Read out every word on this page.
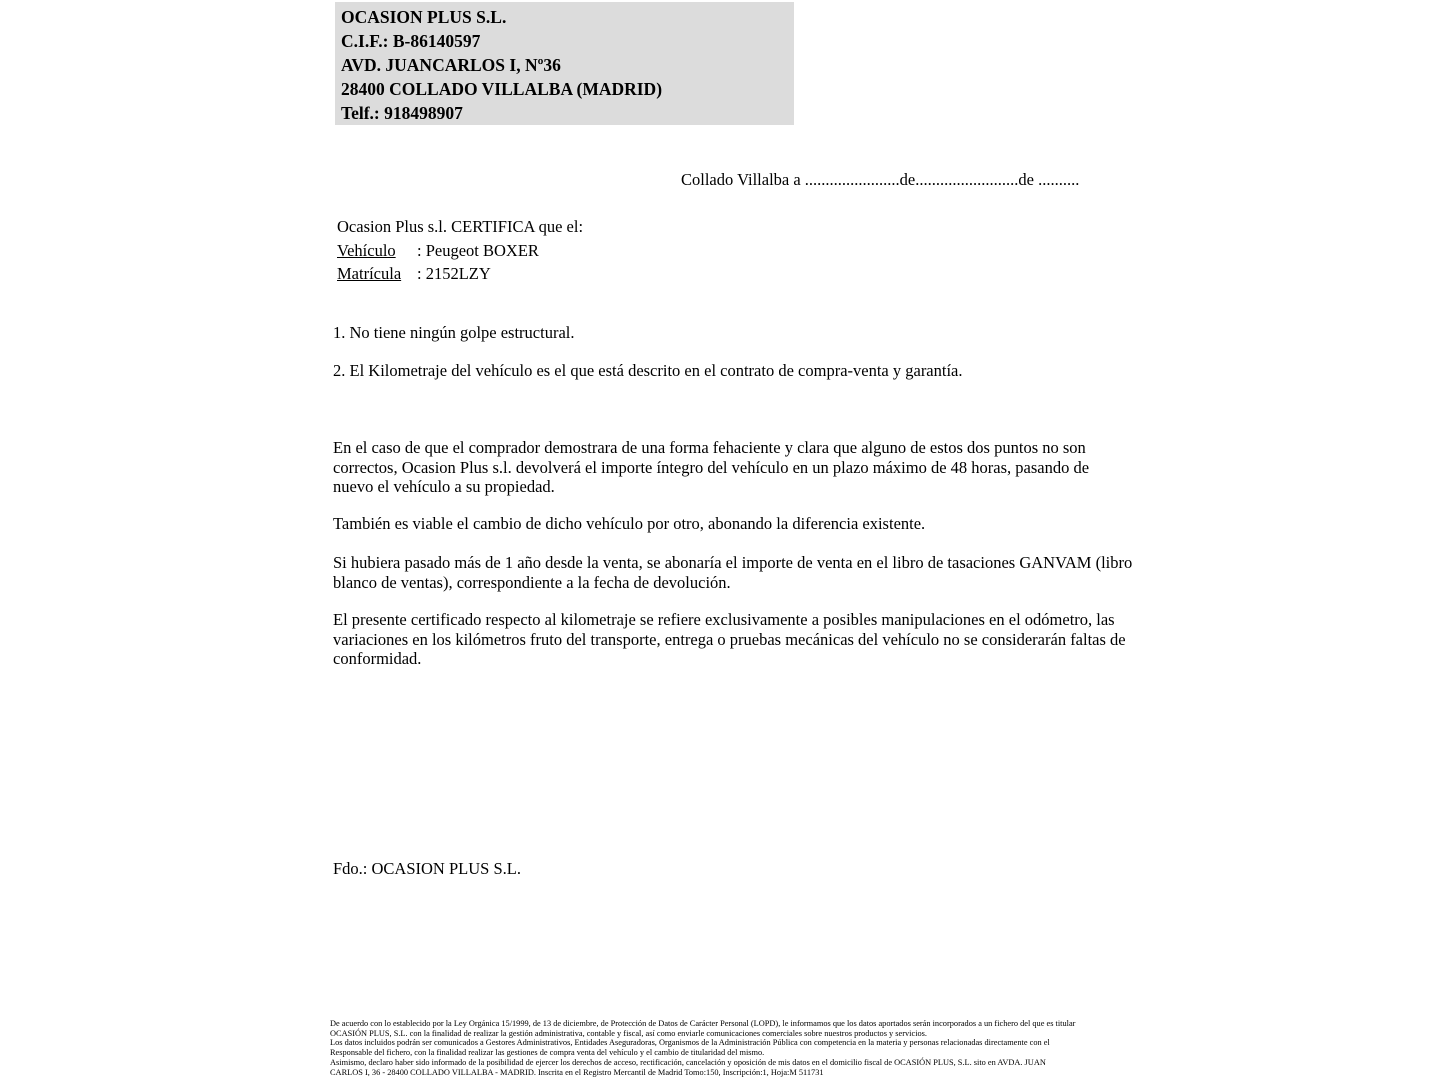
OCASION PLUS S.L.
C.I.F.: B-86140597
AVD. JUANCARLOS I, Nº36
28400 COLLADO VILLALBA (MADRID)
Telf.: 918498907
Collado Villalba a .......................de.........................de ..........
Ocasion Plus s.l. CERTIFICA que el:
Vehículo : Peugeot BOXER
Matrícula : 2152LZY
1. No tiene ningún golpe estructural.
2. El Kilometraje del vehículo es el que está descrito en el contrato de compra-venta y garantía.
En el caso de que el comprador demostrara de una forma fehaciente y clara que alguno de estos dos puntos no son correctos, Ocasion Plus s.l. devolverá el importe íntegro del vehículo en un plazo máximo de 48 horas, pasando de nuevo el vehículo a su propiedad.
También es viable el cambio de dicho vehículo por otro, abonando la diferencia existente.
Si hubiera pasado más de 1 año desde la venta, se abonaría el importe de venta en el libro de tasaciones GANVAM (libro blanco de ventas), correspondiente a la fecha de devolución.
El presente certificado respecto al kilometraje se refiere exclusivamente a posibles manipulaciones en el odómetro, las variaciones en los kilómetros fruto del transporte, entrega o pruebas mecánicas del vehículo no se considerarán faltas de conformidad.
Fdo.: OCASION PLUS S.L.
De acuerdo con lo establecido por la Ley Orgánica 15/1999, de 13 de diciembre, de Protección de Datos de Carácter Personal (LOPD), le informamos que los datos aportados serán incorporados a un fichero del que es titular
OCASIÓN PLUS, S.L. con la finalidad de realizar la gestión administrativa, contable y fiscal, así como enviarle comunicaciones comerciales sobre nuestros productos y servicios.
Los datos incluidos podrán ser comunicados a Gestores Administrativos, Entidades Aseguradoras, Organismos de la Administración Pública con competencia en la materia y personas relacionadas directamente con el
Responsable del fichero, con la finalidad realizar las gestiones de compra venta del vehículo y el cambio de titularidad del mismo.
Asimismo, declaro haber sido informado de la posibilidad de ejercer los derechos de acceso, rectificación, cancelación y oposición de mis datos en el domicilio fiscal de OCASIÓN PLUS, S.L. sito en AVDA. JUAN
CARLOS I, 36 - 28400 COLLADO VILLALBA - MADRID. Inscrita en el Registro Mercantil de Madrid Tomo:150, Inscripción:1, Hoja:M 511731
